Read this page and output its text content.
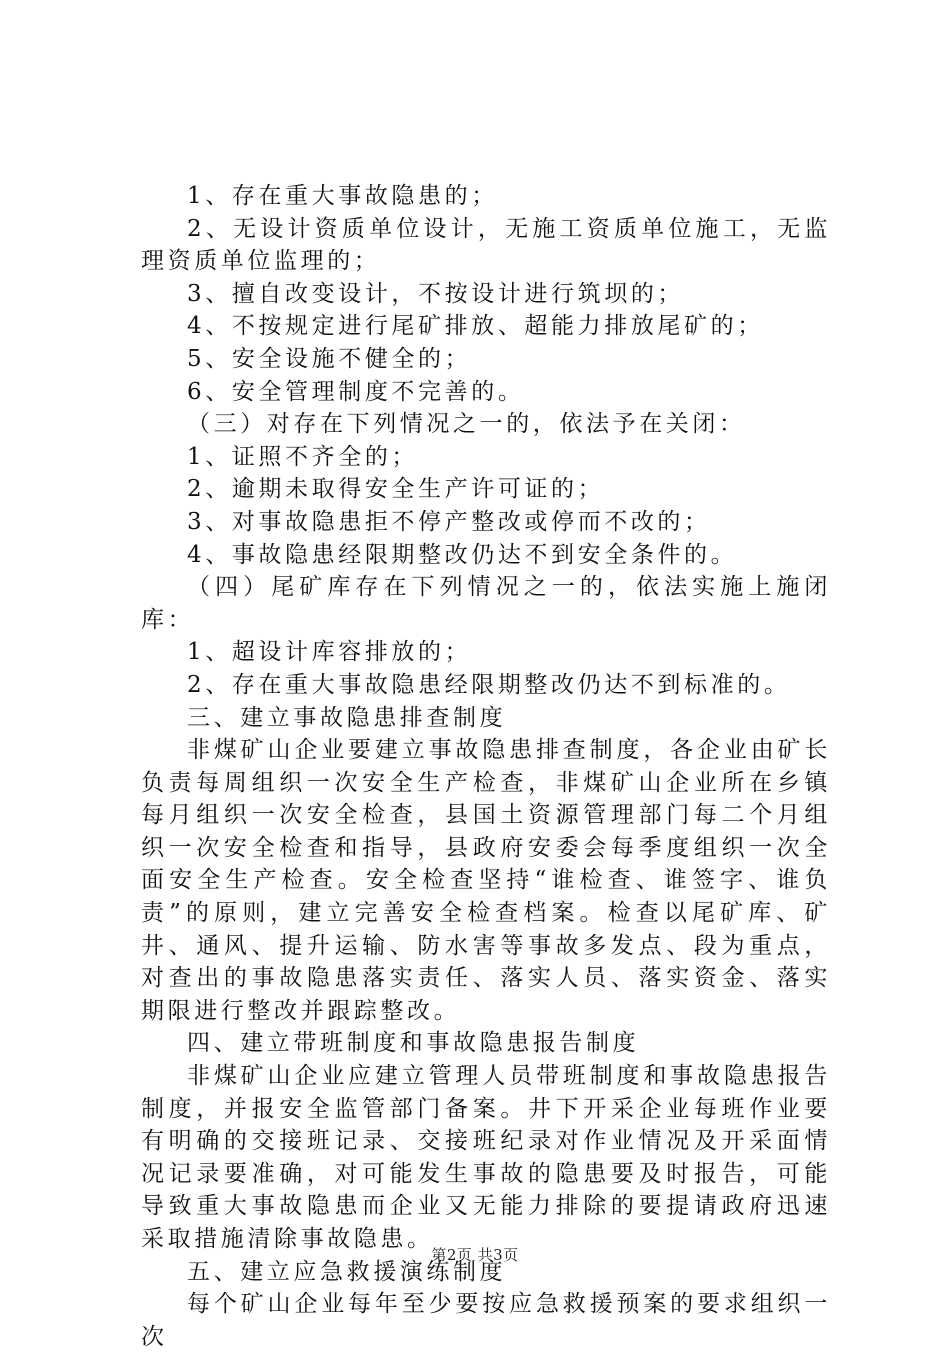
1、存在重大事故隐患的；

2、无设计资质单位设计，无施工资质单位施工，无监理资质单位监理的；

3、擅自改变设计，不按设计进行筑坝的；

4、不按规定进行尾矿排放、超能力排放尾矿的；

5、安全设施不健全的；

6、安全管理制度不完善的。

（三）对存在下列情况之一的，依法予在关闭：

1、证照不齐全的；

2、逾期未取得安全生产许可证的；

3、对事故隐患拒不停产整改或停而不改的；

4、事故隐患经限期整改仍达不到安全条件的。

（四）尾矿库存在下列情况之一的，依法实施上施闭库：

1、超设计库容排放的；

2、存在重大事故隐患经限期整改仍达不到标准的。

三、建立事故隐患排查制度

非煤矿山企业要建立事故隐患排查制度，各企业由矿长负责每周组织一次安全生产检查，非煤矿山企业所在乡镇每月组织一次安全检查，县国土资源管理部门每二个月组织一次安全检查和指导，县政府安委会每季度组织一次全面安全生产检查。安全检查坚持“谁检查、谁签字、谁负责”的原则，建立完善安全检查档案。检查以尾矿库、矿井、通风、提升运输、防水害等事故多发点、段为重点，对查出的事故隐患落实责任、落实人员、落实资金、落实期限进行整改并跟踪整改。

四、建立带班制度和事故隐患报告制度

非煤矿山企业应建立管理人员带班制度和事故隐患报告制度，并报安全监管部门备案。井下开采企业每班作业要有明确的交接班记录、交接班纪录对作业情况及开采面情况记录要准确，对可能发生事故的隐患要及时报告，可能导致重大事故隐患而企业又无能力排除的要提请政府迅速采取措施清除事故隐患。

五、建立应急救援演练制度

每个矿山企业每年至少要按应急救援预案的要求组织一次

第2页 共3页
